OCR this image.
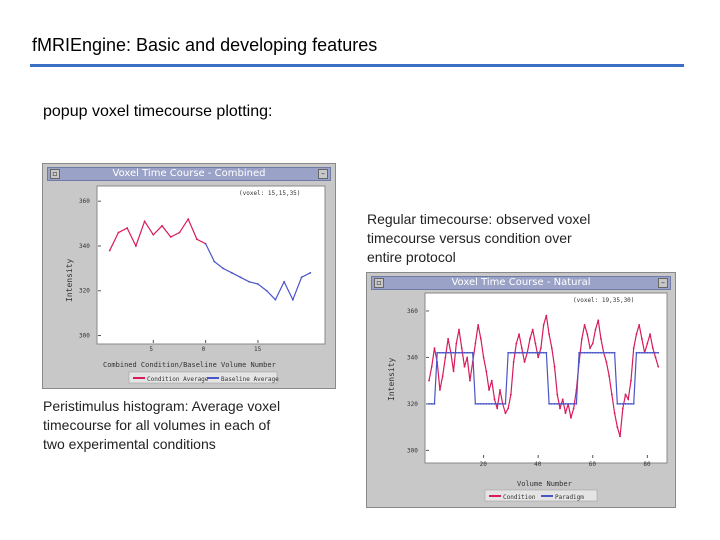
fMRIEngine: Basic and developing features
popup voxel timecourse plotting:
▫	Voxel Time Course - Combined	–
(voxel: 15,15,35)
Intensity
Combined Condition/Baseline Volume Number
Condition Average Baseline Average
360
340
320
300
5	0	15
Regular timecourse: observed voxel
timecourse versus condition over
entire protocol
Peristimulus histogram: Average voxel
timecourse for all volumes in each of
two experimental conditions
▫	Voxel Time Course - Natural	–
(voxel: 19,35,30)
Intensity
Volume Number
Condition	Paradigm
360
340
320
300
20	40	60	80
